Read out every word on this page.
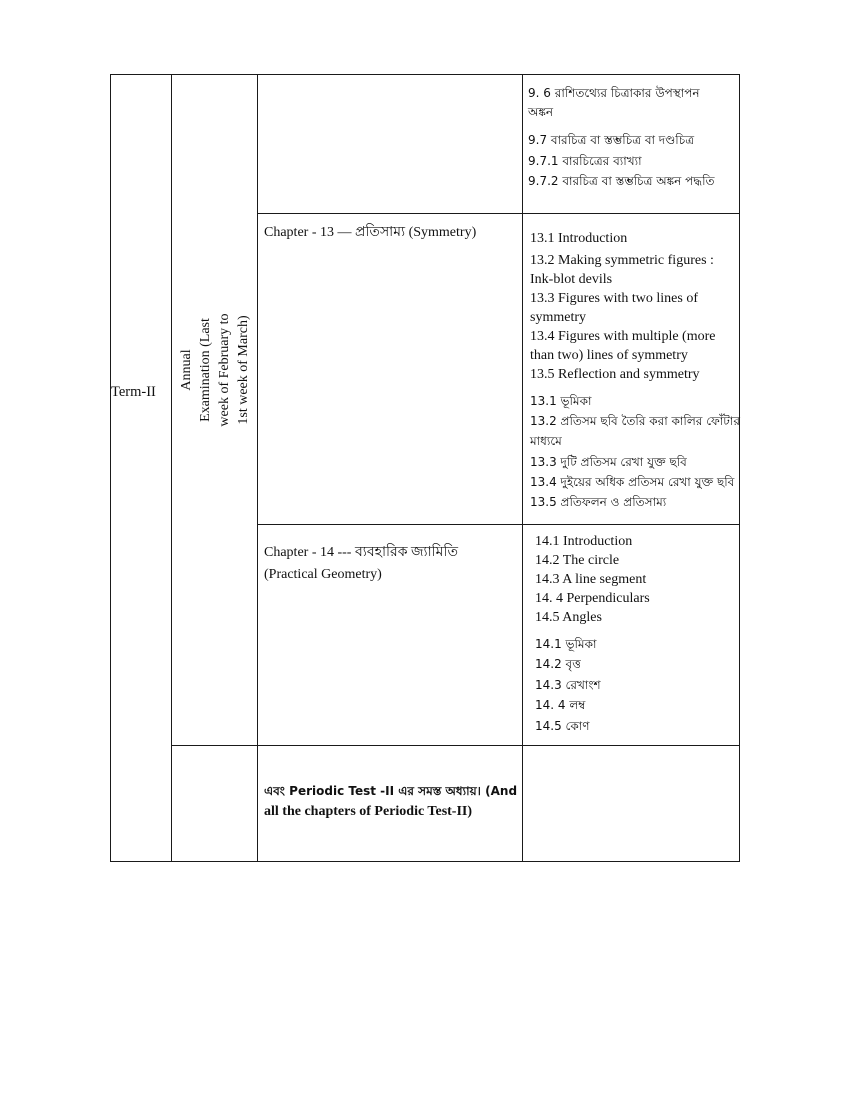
Term-II
Annual Examination (Last week of February to 1st week of March)
9. 6 রাশিতথ্যের চিত্রাকার উপস্থাপন
অঙ্কন
9.7 বারচিত্র বা স্তম্ভচিত্র বা দণ্ডচিত্র
9.7.1 বারচিত্রের ব্যাখ্যা
9.7.2 বারচিত্র বা স্তম্ভচিত্র অঙ্কন পদ্ধতি
Chapter - 13 — প্রতিসাম্য (Symmetry)	13.1 Introduction
13.2 Making symmetric figures :
Ink-blot devils
13.3 Figures with two lines of
symmetry
13.4 Figures with multiple (more
than two) lines of symmetry
13.5 Reflection and symmetry
13.1 ভূমিকা
13.2 প্রতিসম ছবি তৈরি করা কালির ফোঁটার
মাধ্যমে
13.3 দুটি প্রতিসম রেখা যুক্ত ছবি
13.4 দুইয়ের অধিক প্রতিসম রেখা যুক্ত ছবি
13.5 প্রতিফলন ও প্রতিসাম্য
Chapter - 14 --- ব্যবহারিক জ্যামিতি
(Practical Geometry)
14.1 Introduction
14.2 The circle
14.3 A line segment
14. 4 Perpendiculars
14.5 Angles
14.1 ভূমিকা
14.2 বৃত্ত
14.3 রেখাংশ
14. 4 লম্ব
14.5 কোণ
এবং Periodic Test -II এর সমস্ত অধ্যায়। (And
all the chapters of Periodic Test-II)
